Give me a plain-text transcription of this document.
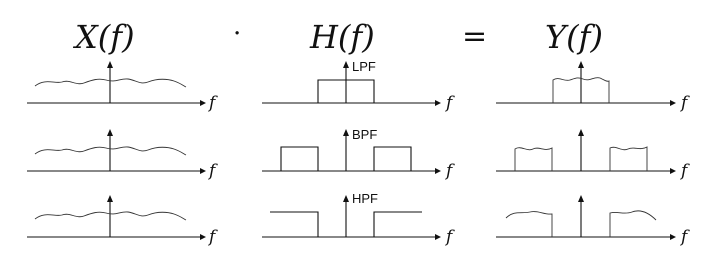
X(f)	· H(f)	= Y(f)
f
LPF
f	f
f
BPF
f	f
f
HPF
f	f
